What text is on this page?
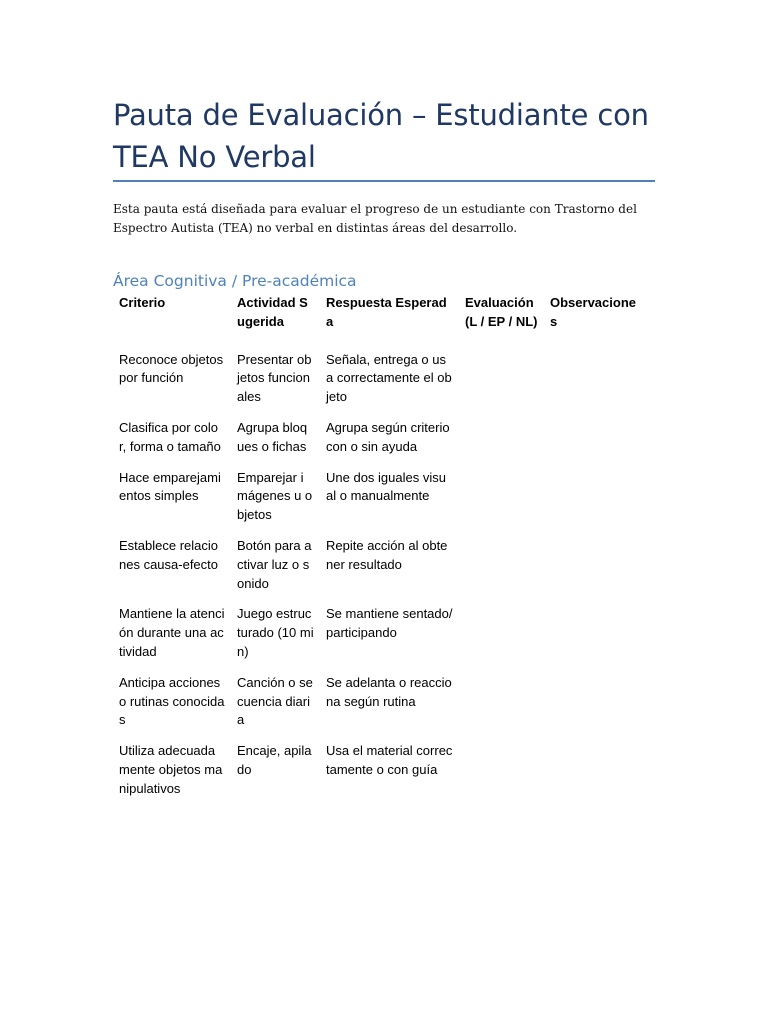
Pauta de Evaluación – Estudiante con TEA No Verbal

Esta pauta está diseñada para evaluar el progreso de un estudiante con Trastorno del Espectro Autista (TEA) no verbal en distintas áreas del desarrollo.

Área Cognitiva / Pre-académica
Criterio	Actividad Sugerida	Respuesta Esperada	Evaluación (L / EP / NL)	Observaciones
Reconoce objetos por función	Presentar objetos funcionales	Señala, entrega o usa correctamente el objeto		
Clasifica por color, forma o tamaño	Agrupa bloques o fichas	Agrupa según criterio con o sin ayuda		
Hace emparejamientos simples	Emparejar imágenes u objetos	Une dos iguales visual o manualmente		
Establece relaciones causa-efecto	Botón para activar luz o sonido	Repite acción al obtener resultado		
Mantiene la atención durante una actividad	Juego estructurado (10 min)	Se mantiene sentado/participando		
Anticipa acciones o rutinas conocidas	Canción o secuencia diaria	Se adelanta o reacciona según rutina		
Utiliza adecuadamente objetos manipulativos	Encaje, apilado	Usa el material correctamente o con guía		
